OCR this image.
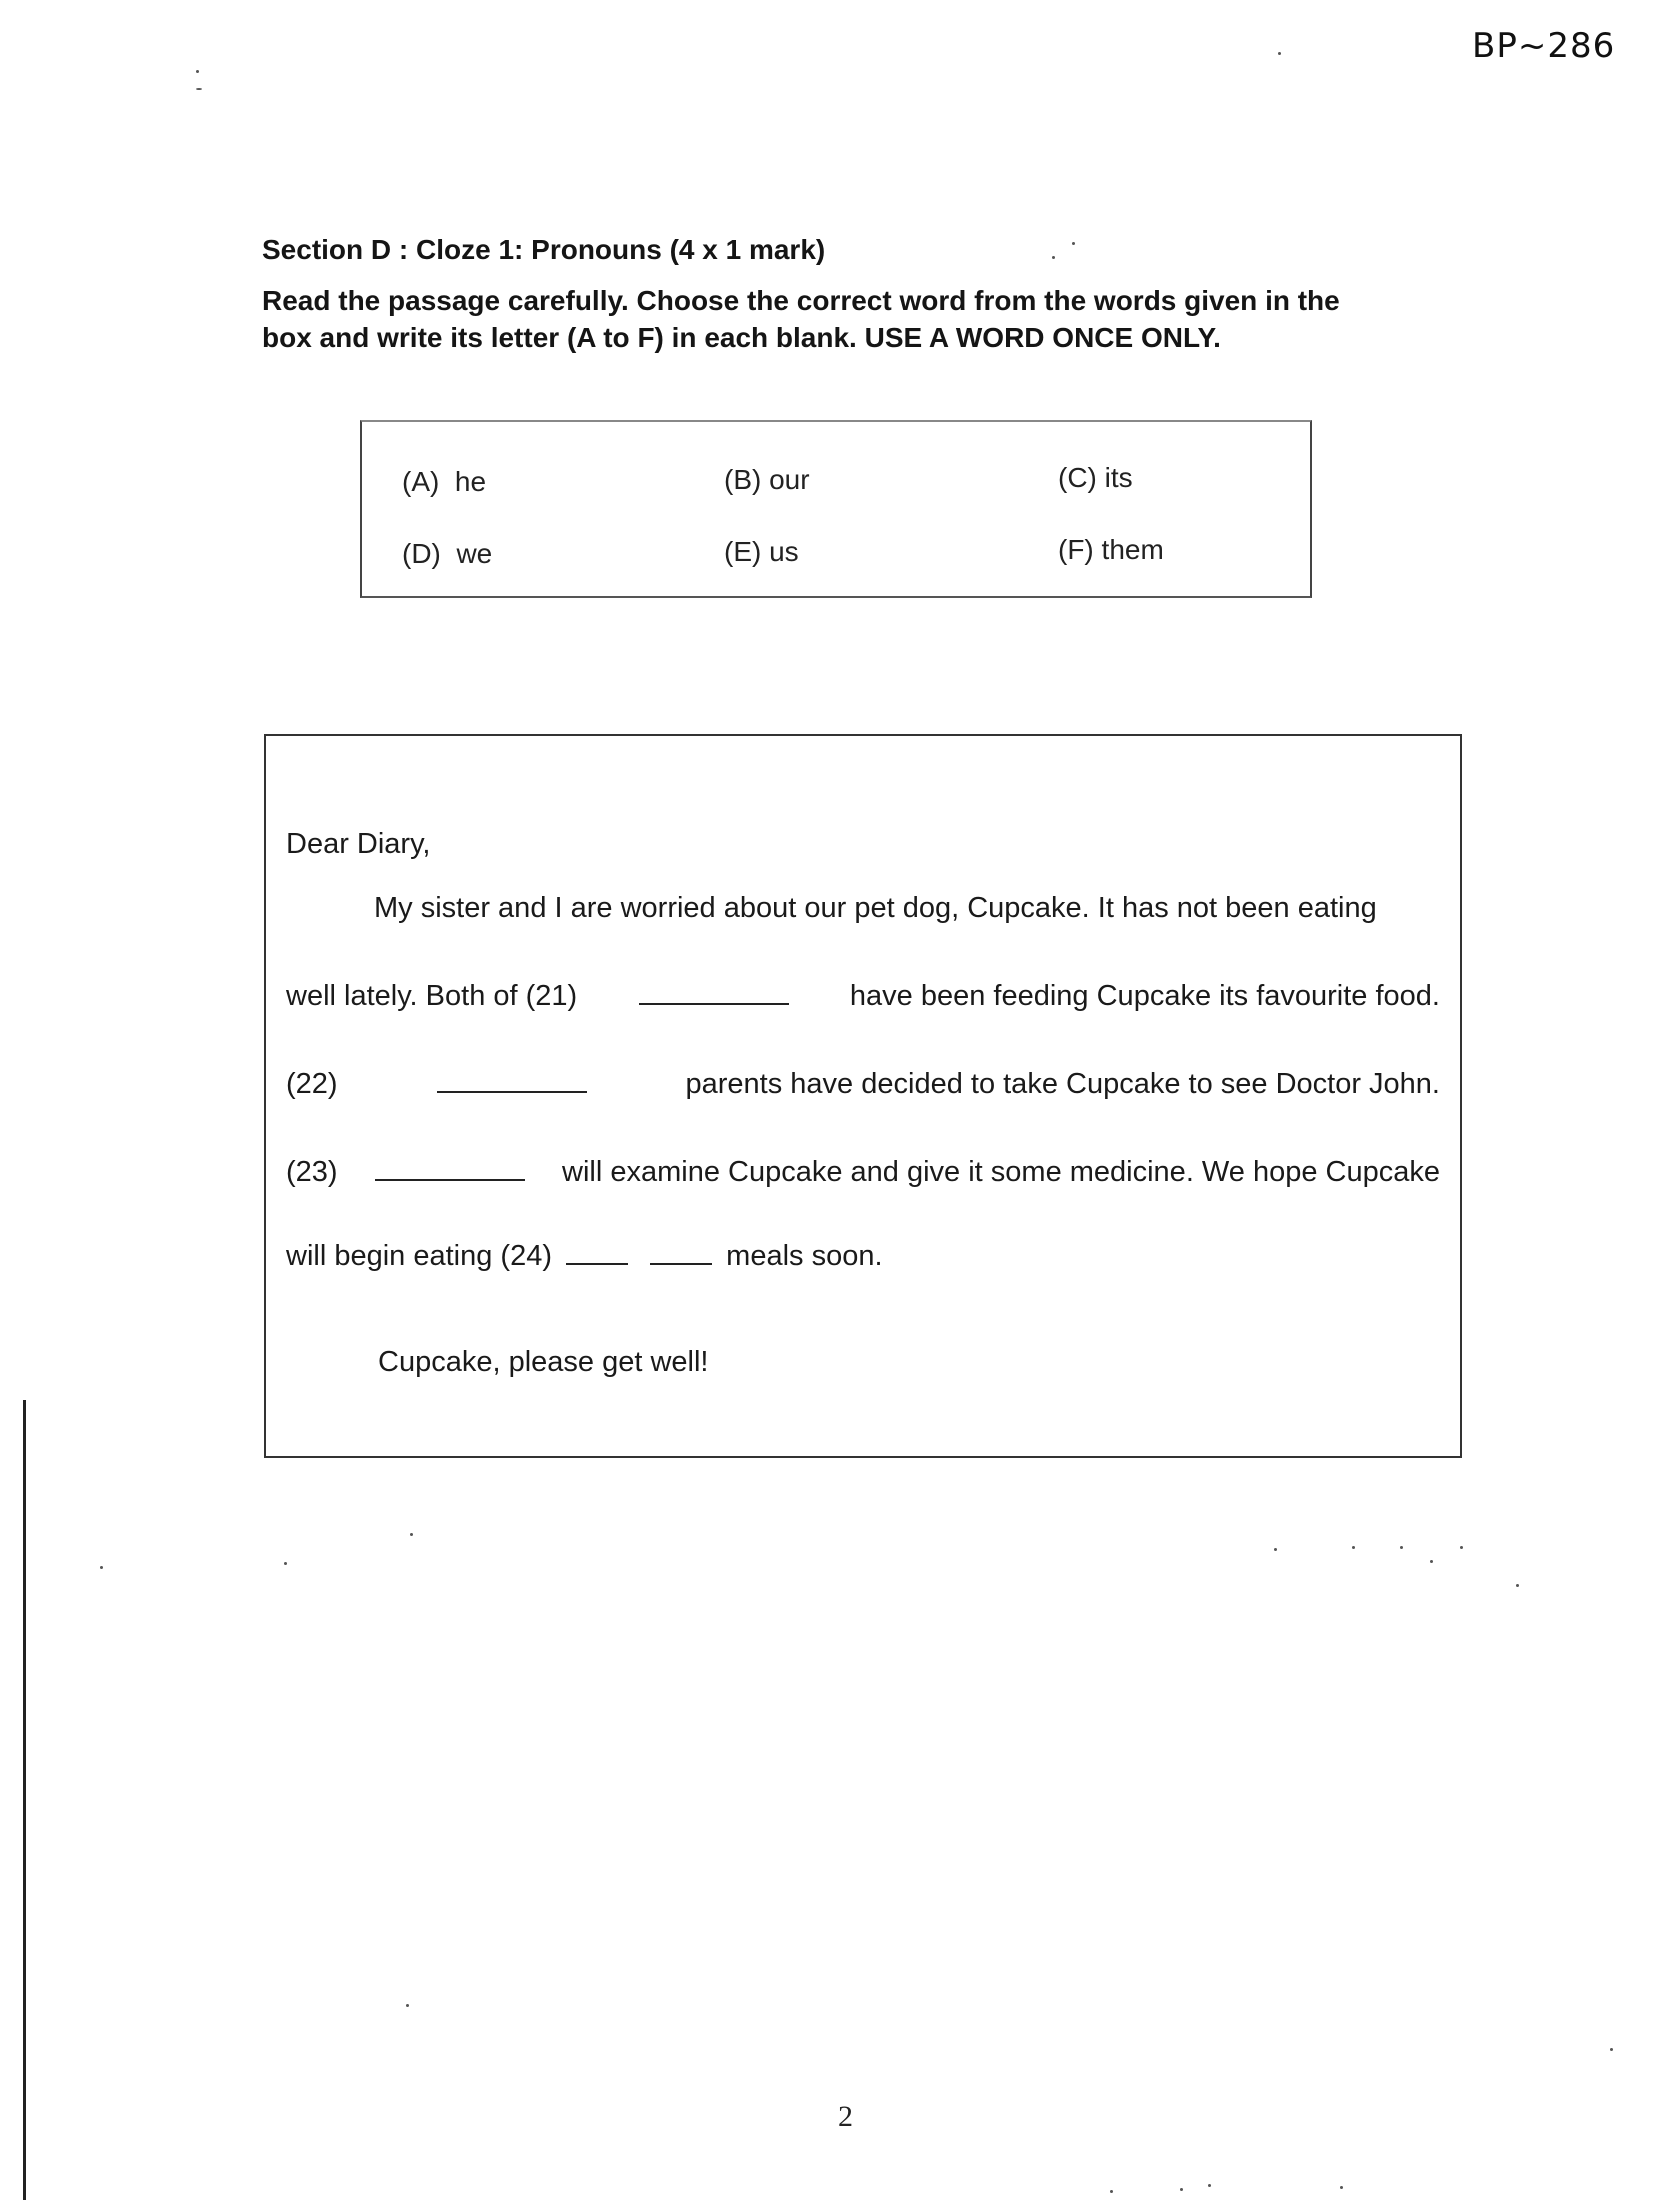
BP~286
Section D : Cloze 1: Pronouns (4 x 1 mark)
Read the passage carefully. Choose the correct word from the words given in the box and write its letter (A to F) in each blank. USE A WORD ONCE ONLY.
(A) he	(B) our	(C) its
(D) we	(E) us	(F) them
Dear Diary,
My sister and I are worried about our pet dog, Cupcake. It has not been eating
well lately. Both of (21)	have been feeding Cupcake its favourite food.
(22)	parents have decided to take Cupcake to see Doctor John.
(23)	will examine Cupcake and give it some medicine. We hope Cupcake
will begin eating (24)	meals soon.
Cupcake, please get well!
2
